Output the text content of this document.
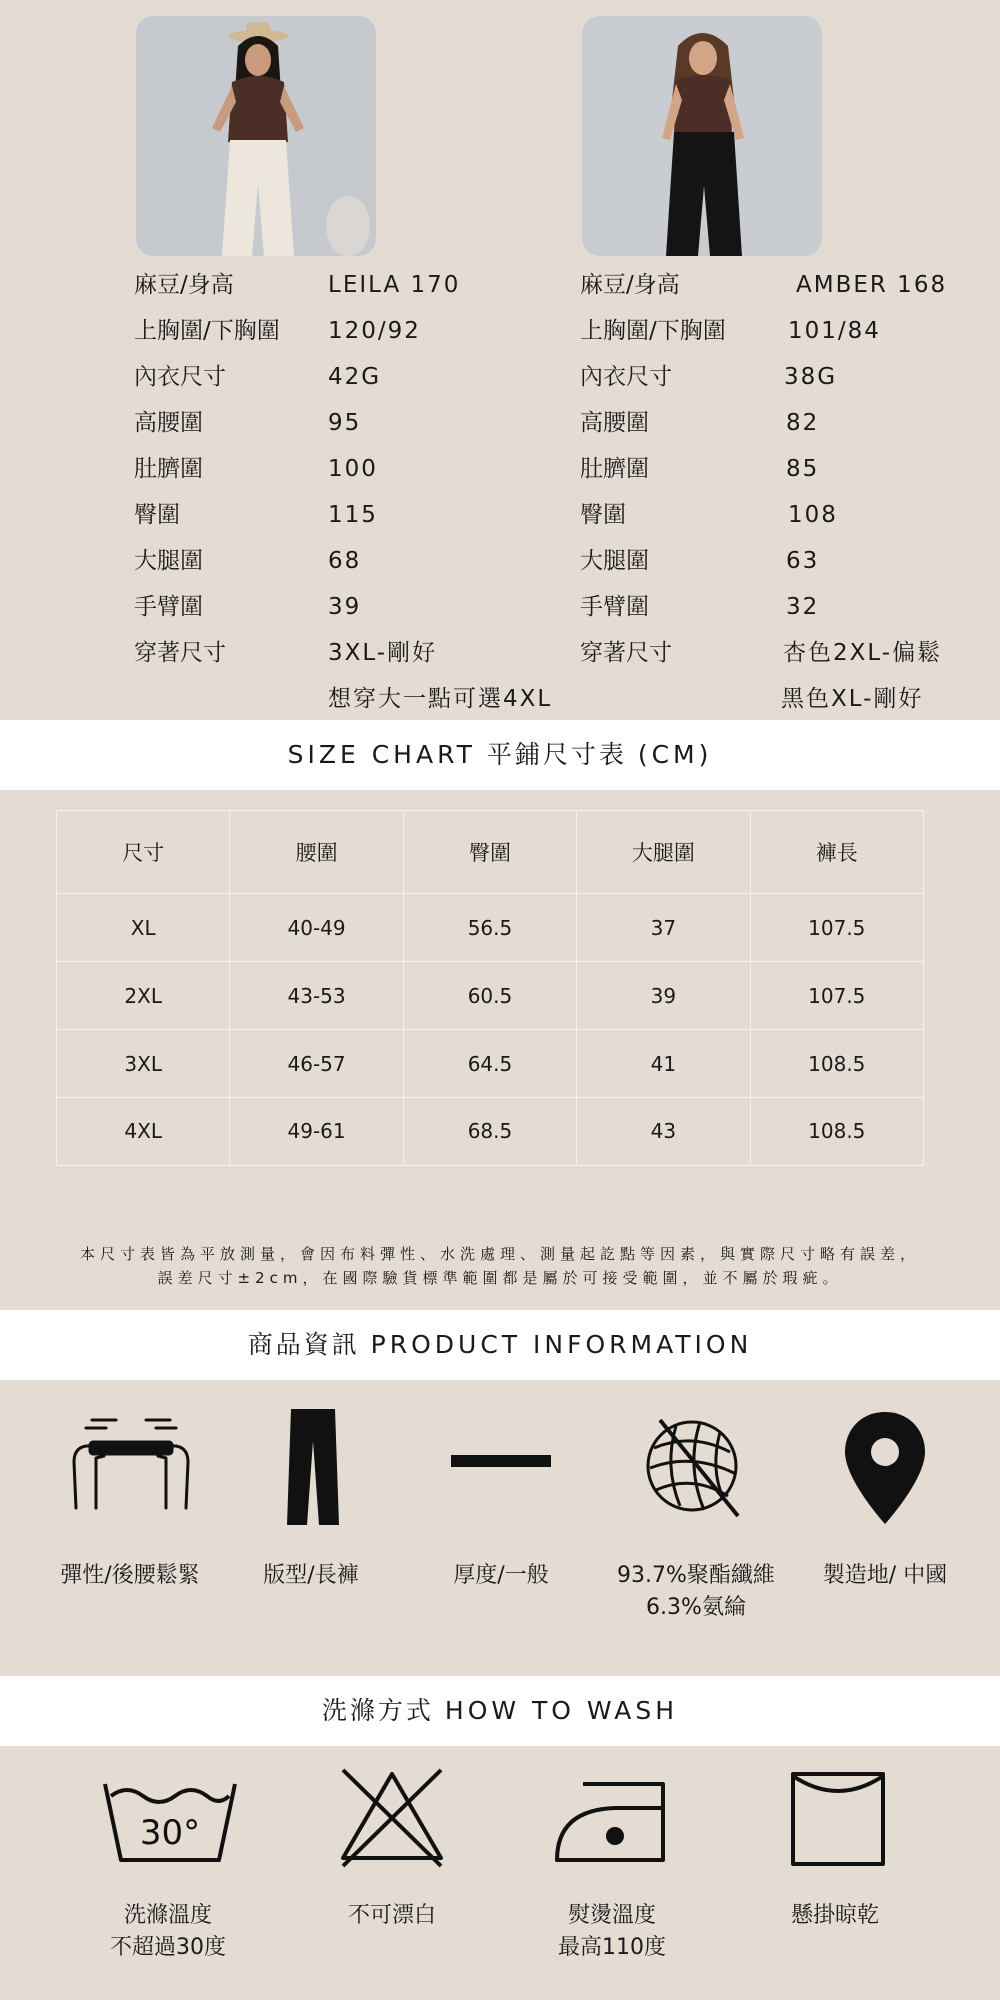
麻豆/身高	LEILA 170
上胸圍/下胸圍 120/92
內衣尺寸	42G
高腰圍	95
肚臍圍	100
臀圍	115
大腿圍	68
手臂圍	39
穿著尺寸	3XL-剛好
想穿大一點可選4XL
麻豆/身高	AMBER 168
上胸圍/下胸圍	101/84
內衣尺寸	38G
高腰圍	82
肚臍圍	85
臀圍	108
大腿圍	63
手臂圍	32
穿著尺寸	杏色2XL-偏鬆
黑色XL-剛好
SIZE CHART 平鋪尺寸表 (CM)
尺寸	腰圍	臀圍	大腿圍	褲長
XL	40-49	56.5	37	107.5
2XL	43-53	60.5	39	107.5
3XL	46-57	64.5	41	108.5
4XL	49-61	68.5	43	108.5
本尺寸表皆為平放測量，會因布料彈性、水洗處理、測量起訖點等因素，與實際尺寸略有誤差，
誤差尺寸±2cm，在國際驗貨標準範圍都是屬於可接受範圍，並不屬於瑕疵。
商品資訊 PRODUCT INFORMATION
彈性/後腰鬆緊	版型/長褲	厚度/一般	93.7%聚酯纖維
6.3%氨綸
製造地/ 中國
洗滌方式 HOW TO WASH
30°
洗滌溫度
不超過30度
不可漂白	熨燙溫度
最高110度
懸掛晾乾
